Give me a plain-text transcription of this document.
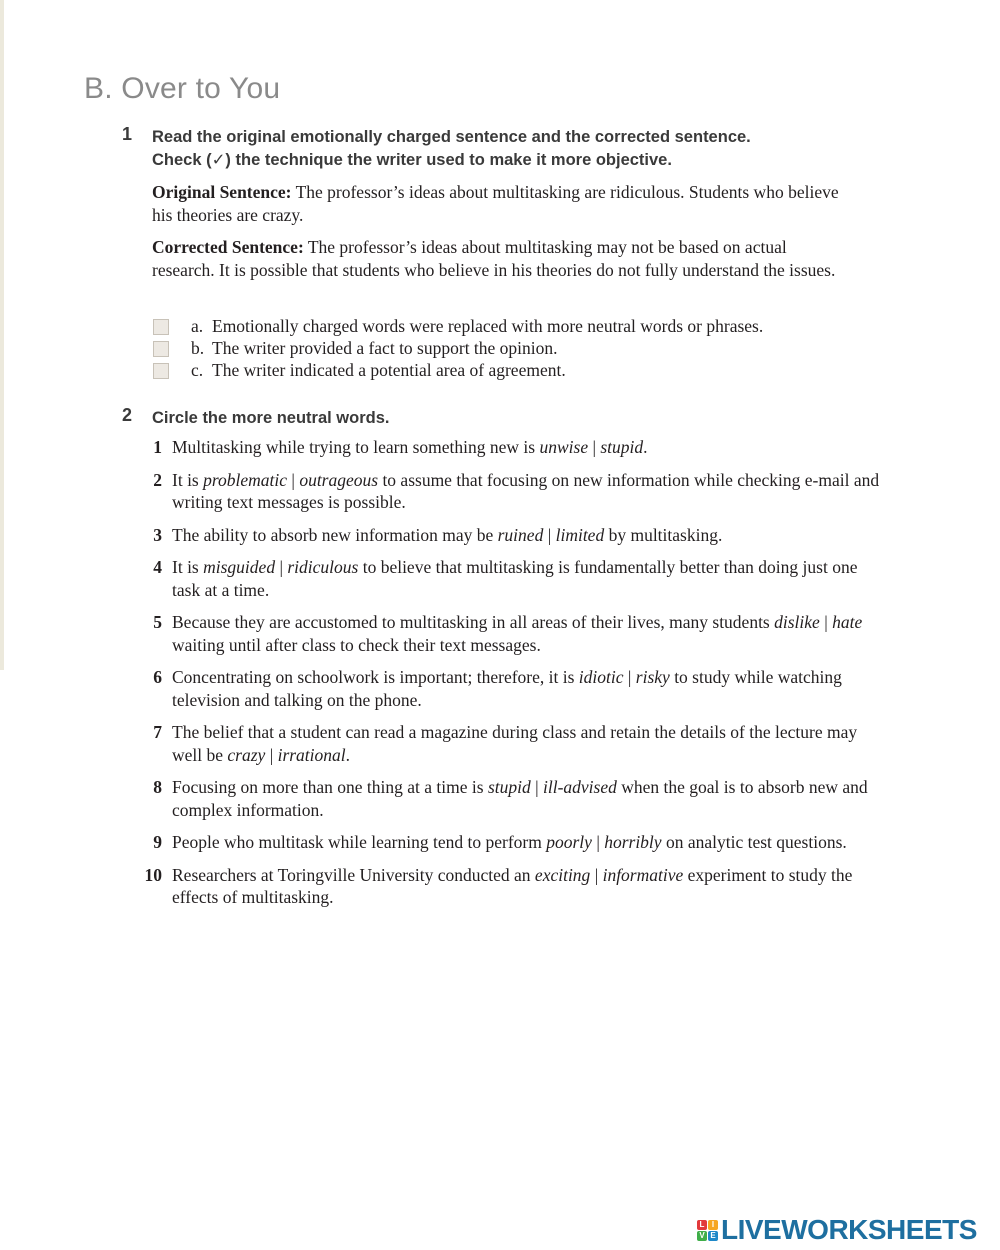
B. Over to You
1 Read the original emotionally charged sentence and the corrected sentence.
Check (✓) the technique the writer used to make it more objective.

Original Sentence: The professor’s ideas about multitasking are ridiculous. Students who believe his theories are crazy.

Corrected Sentence: The professor’s ideas about multitasking may not be based on actual research. It is possible that students who believe in his theories do not fully understand the issues.

a. Emotionally charged words were replaced with more neutral words or phrases.
b. The writer provided a fact to support the opinion.
c. The writer indicated a potential area of agreement.
2 Circle the more neutral words.
1 Multitasking while trying to learn something new is unwise | stupid.
2 It is problematic | outrageous to assume that focusing on new information while checking e-mail and writing text messages is possible.
3 The ability to absorb new information may be ruined | limited by multitasking.
4 It is misguided | ridiculous to believe that multitasking is fundamentally better than doing just one task at a time.
5 Because they are accustomed to multitasking in all areas of their lives, many students dislike | hate waiting until after class to check their text messages.
6 Concentrating on schoolwork is important; therefore, it is idiotic | risky to study while watching television and talking on the phone.
7 The belief that a student can read a magazine during class and retain the details of the lecture may well be crazy | irrational.
8 Focusing on more than one thing at a time is stupid | ill-advised when the goal is to absorb new and complex information.
9 People who multitask while learning tend to perform poorly | horribly on analytic test questions.
10 Researchers at Toringville University conducted an exciting | informative experiment to study the effects of multitasking.
L I
V E LIVEWORKSHEETS
